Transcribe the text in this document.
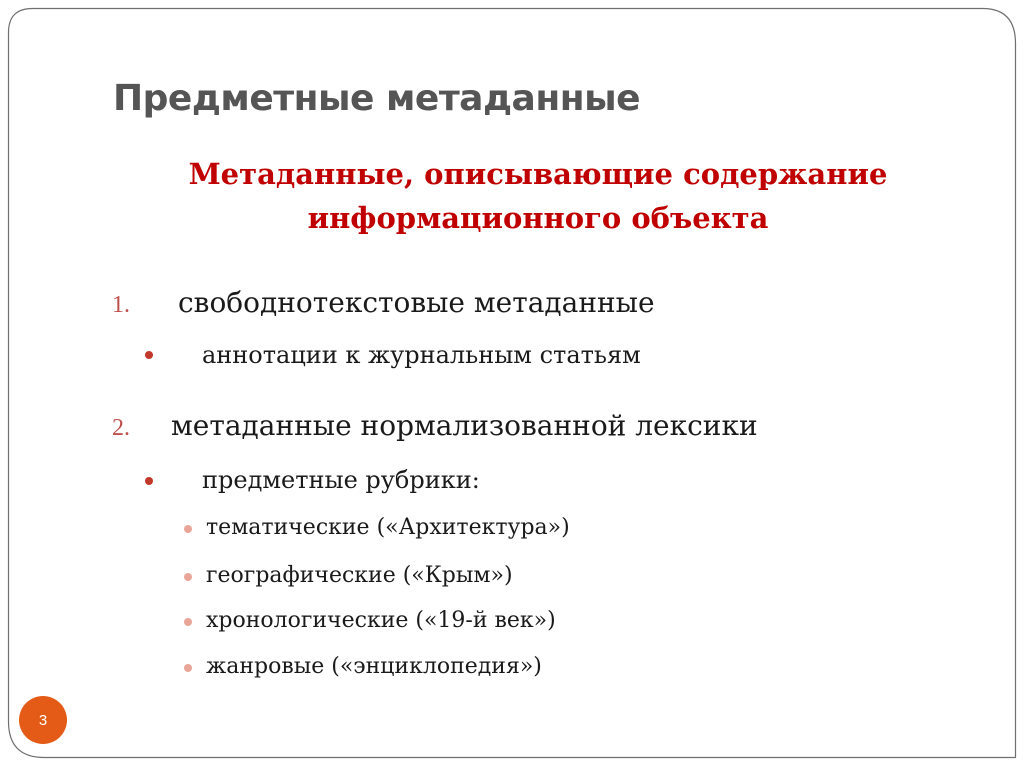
Предметные метаданные
Метаданные, описывающие содержание
информационного объекта
1.	свободнотекстовые метаданные
аннотации к журнальным статьям
2.	метаданные нормализованной лексики
предметные рубрики:
тематические («Архитектура»)
географические («Крым»)
хронологические («19-й век»)
жанровые («энциклопедия»)
3
